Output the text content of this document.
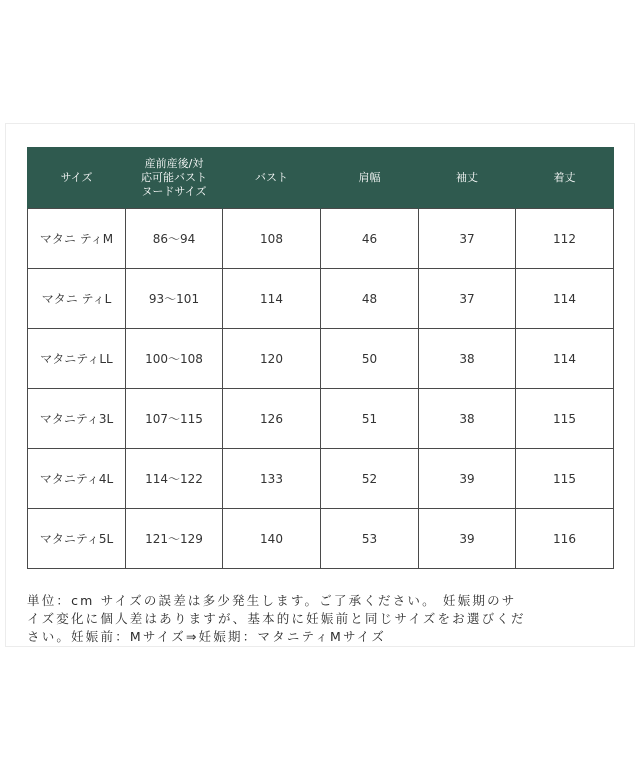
サイズ	産前産後/対
応可能バスト
ヌードサイズ	バスト	肩幅	袖丈	着丈
マタニ ティM	86〜94	108	46	37	112
マタニ ティL	93〜101	114	48	37	114
マタニティLL	100〜108	120	50	38	114
マタニティ3L	107〜115	126	51	38	115
マタニティ4L	114〜122	133	52	39	115
マタニティ5L	121〜129	140	53	39	116
単位：cm サイズの誤差は多少発生します。ご了承ください。 妊娠期のサ
イズ変化に個人差はありますが、基本的に妊娠前と同じサイズをお選びくだ
さい。妊娠前：Mサイズ⇒妊娠期：マタニティMサイズ
